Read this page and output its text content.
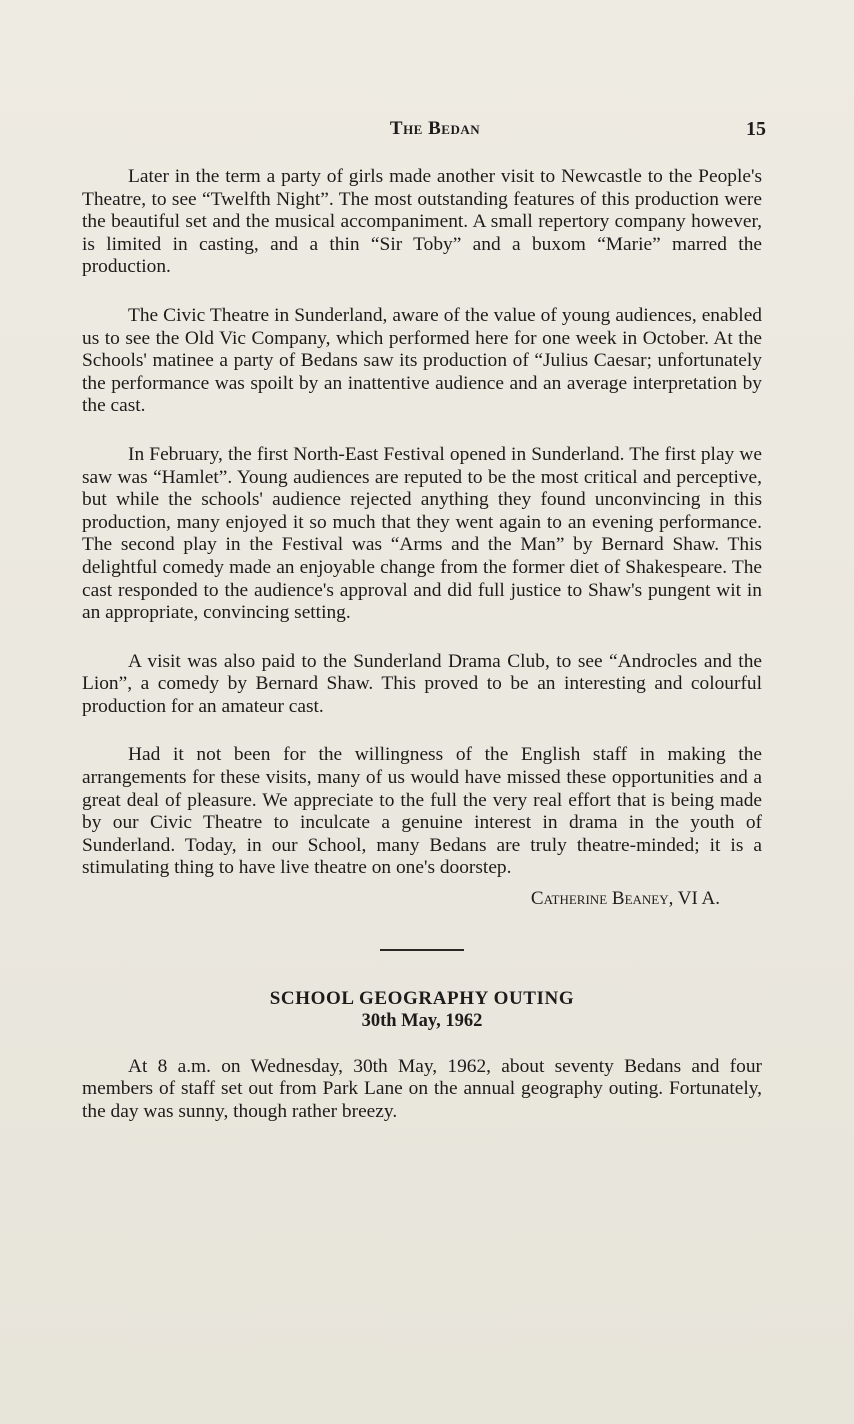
The Bedan	15

Later in the term a party of girls made another visit to Newcastle to the People's Theatre, to see “Twelfth Night”. The most outstanding features of this production were the beautiful set and the musical accompaniment. A small repertory company however, is limited in casting, and a thin “Sir Toby” and a buxom “Marie” marred the production.

The Civic Theatre in Sunderland, aware of the value of young audiences, enabled us to see the Old Vic Company, which performed here for one week in October. At the Schools' matinee a party of Bedans saw its production of “Julius Caesar; unfortunately the performance was spoilt by an inattentive audience and an average interpretation by the cast.

In February, the first North-East Festival opened in Sunderland. The first play we saw was “Hamlet”. Young audiences are reputed to be the most critical and perceptive, but while the schools' audience rejected anything they found unconvincing in this production, many enjoyed it so much that they went again to an evening performance. The second play in the Festival was “Arms and the Man” by Bernard Shaw. This delightful comedy made an enjoyable change from the former diet of Shakespeare. The cast responded to the audience's approval and did full justice to Shaw's pungent wit in an appropriate, convincing setting.

A visit was also paid to the Sunderland Drama Club, to see “Androcles and the Lion”, a comedy by Bernard Shaw. This proved to be an interesting and colourful production for an amateur cast.

Had it not been for the willingness of the English staff in making the arrangements for these visits, many of us would have missed these opportunities and a great deal of pleasure. We appreciate to the full the very real effort that is being made by our Civic Theatre to inculcate a genuine interest in drama in the youth of Sunderland. Today, in our School, many Bedans are truly theatre-minded; it is a stimulating thing to have live theatre on one's doorstep.

Catherine Beaney, VI A.
SCHOOL GEOGRAPHY OUTING
30th May, 1962

At 8 a.m. on Wednesday, 30th May, 1962, about seventy Bedans and four members of staff set out from Park Lane on the annual geography outing. Fortunately, the day was sunny, though rather breezy.
